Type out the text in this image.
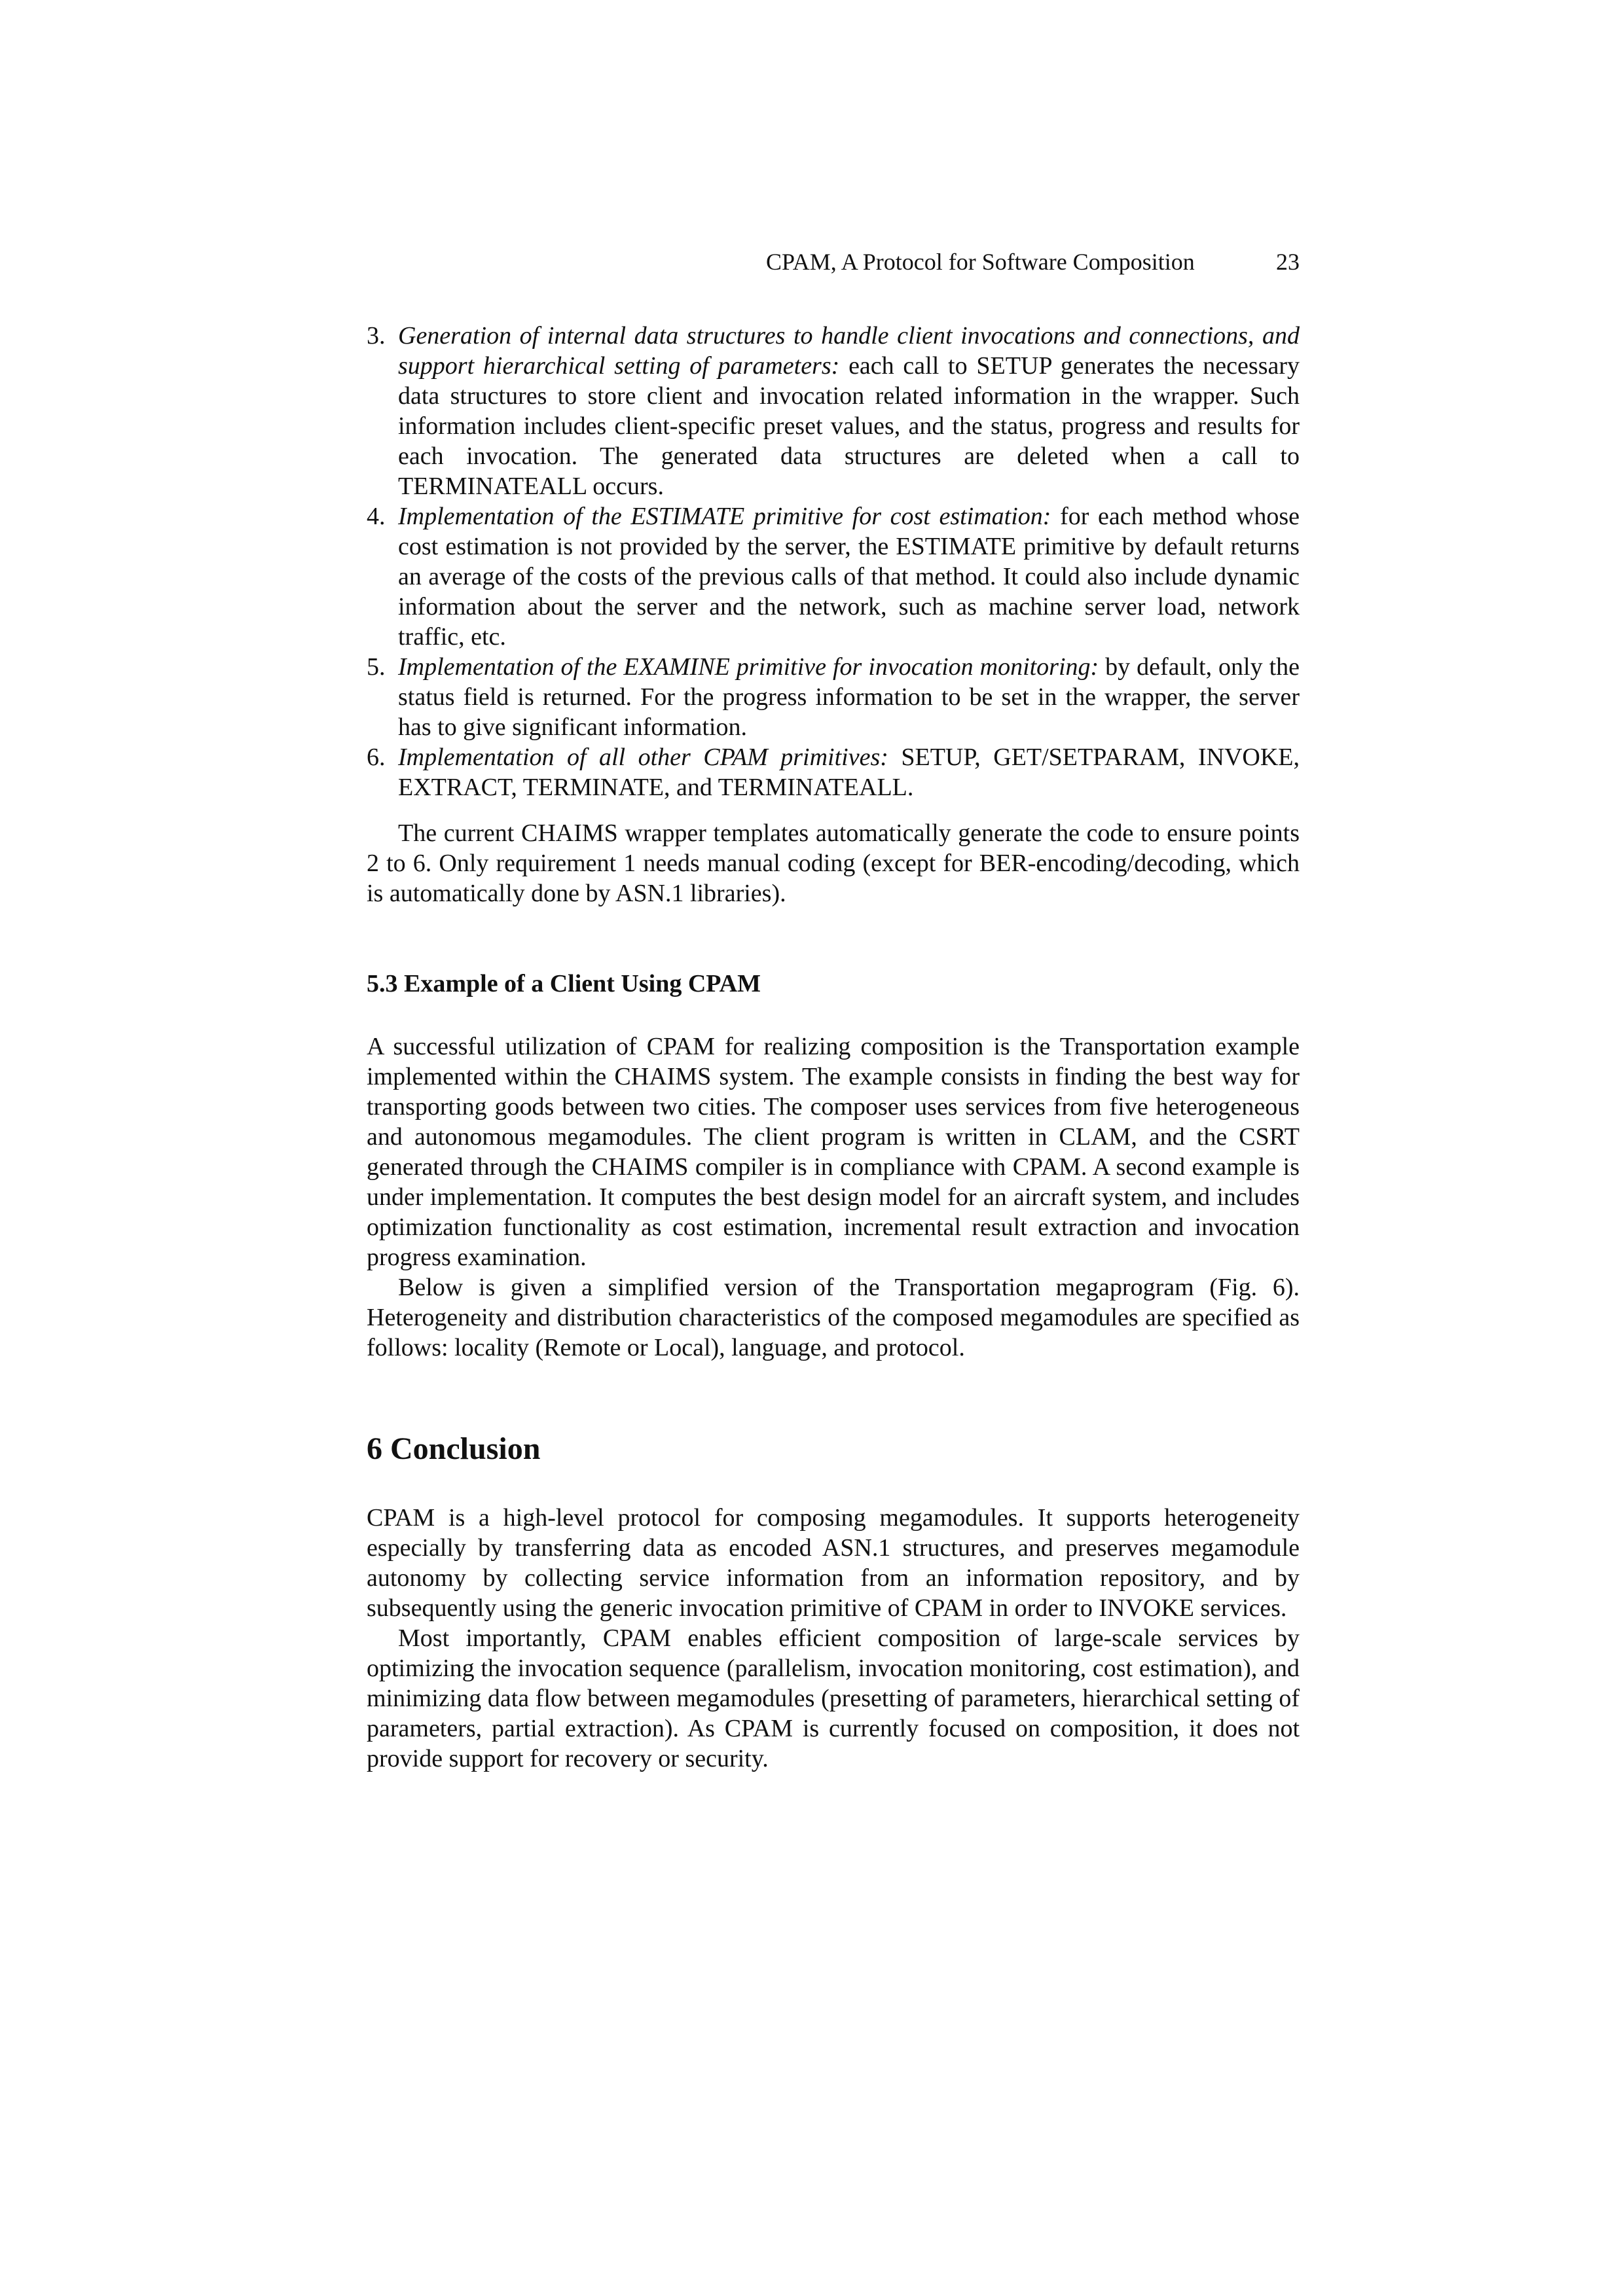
CPAM, A Protocol for Software Composition	23
3. Generation of internal data structures to handle client invocations and connections, and support hierarchical setting of parameters: each call to SETUP generates the necessary data structures to store client and invocation related information in the wrapper. Such information includes client-specific preset values, and the status, progress and results for each invocation. The generated data structures are deleted when a call to TERMINATEALL occurs.
4. Implementation of the ESTIMATE primitive for cost estimation: for each method whose cost estimation is not provided by the server, the ESTIMATE primitive by default returns an average of the costs of the previous calls of that method. It could also include dynamic information about the server and the network, such as machine server load, network traffic, etc.
5. Implementation of the EXAMINE primitive for invocation monitoring: by default, only the status field is returned. For the progress information to be set in the wrapper, the server has to give significant information.
6. Implementation of all other CPAM primitives: SETUP, GET/SETPARAM, INVOKE, EXTRACT, TERMINATE, and TERMINATEALL.

The current CHAIMS wrapper templates automatically generate the code to ensure points 2 to 6. Only requirement 1 needs manual coding (except for BER-encoding/decoding, which is automatically done by ASN.1 libraries).

5.3 Example of a Client Using CPAM

A successful utilization of CPAM for realizing composition is the Transportation example implemented within the CHAIMS system. The example consists in finding the best way for transporting goods between two cities. The composer uses services from five heterogeneous and autonomous megamodules. The client program is written in CLAM, and the CSRT generated through the CHAIMS compiler is in compliance with CPAM. A second example is under implementation. It computes the best design model for an aircraft system, and includes optimization functionality as cost estimation, incremental result extraction and invocation progress examination.

Below is given a simplified version of the Transportation megaprogram (Fig. 6). Heterogeneity and distribution characteristics of the composed megamodules are specified as follows: locality (Remote or Local), language, and protocol.

6 Conclusion

CPAM is a high-level protocol for composing megamodules. It supports heterogeneity especially by transferring data as encoded ASN.1 structures, and preserves megamodule autonomy by collecting service information from an information repository, and by subsequently using the generic invocation primitive of CPAM in order to INVOKE services.

Most importantly, CPAM enables efficient composition of large-scale services by optimizing the invocation sequence (parallelism, invocation monitoring, cost estimation), and minimizing data flow between megamodules (presetting of parameters, hierarchical setting of parameters, partial extraction). As CPAM is currently focused on composition, it does not provide support for recovery or security.
